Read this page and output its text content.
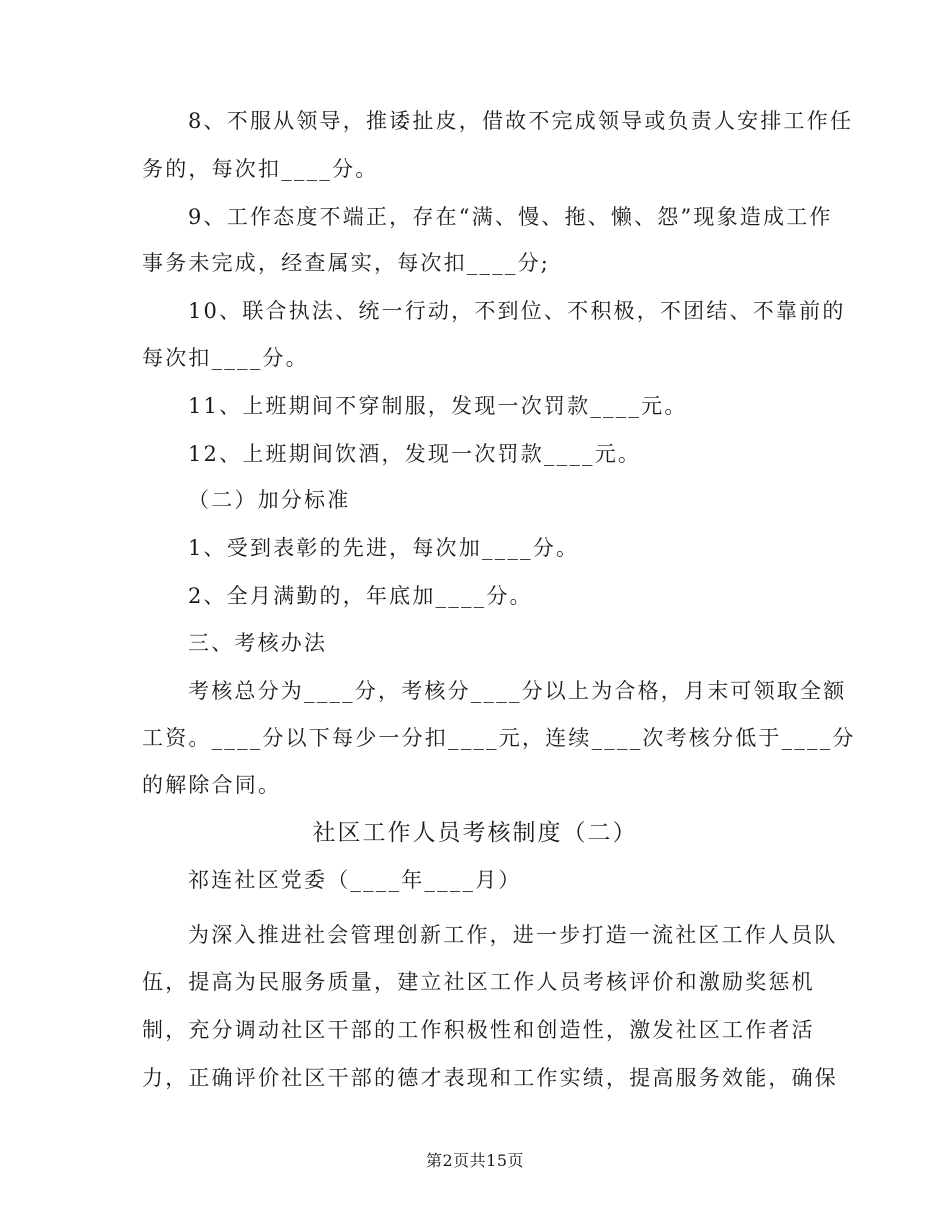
8、不服从领导，推诿扯皮，借故不完成领导或负责人安排工作任
务的，每次扣____分。
9、工作态度不端正，存在“满、慢、拖、懒、怨”现象造成工作
事务未完成，经查属实，每次扣____分;
10、联合执法、统一行动，不到位、不积极，不团结、不靠前的
每次扣____分。
11、上班期间不穿制服，发现一次罚款____元。
12、上班期间饮酒，发现一次罚款____元。
（二）加分标准
1、受到表彰的先进，每次加____分。
2、全月满勤的，年底加____分。
三、考核办法
考核总分为____分，考核分____分以上为合格，月末可领取全额
工资。____分以下每少一分扣____元，连续____次考核分低于____分
的解除合同。
社区工作人员考核制度（二）
祁连社区党委（____年____月）
为深入推进社会管理创新工作，进一步打造一流社区工作人员队
伍，提高为民服务质量，建立社区工作人员考核评价和激励奖惩机
制，充分调动社区干部的工作积极性和创造性，激发社区工作者活
力，正确评价社区干部的德才表现和工作实绩，提高服务效能，确保
第2页共15页
